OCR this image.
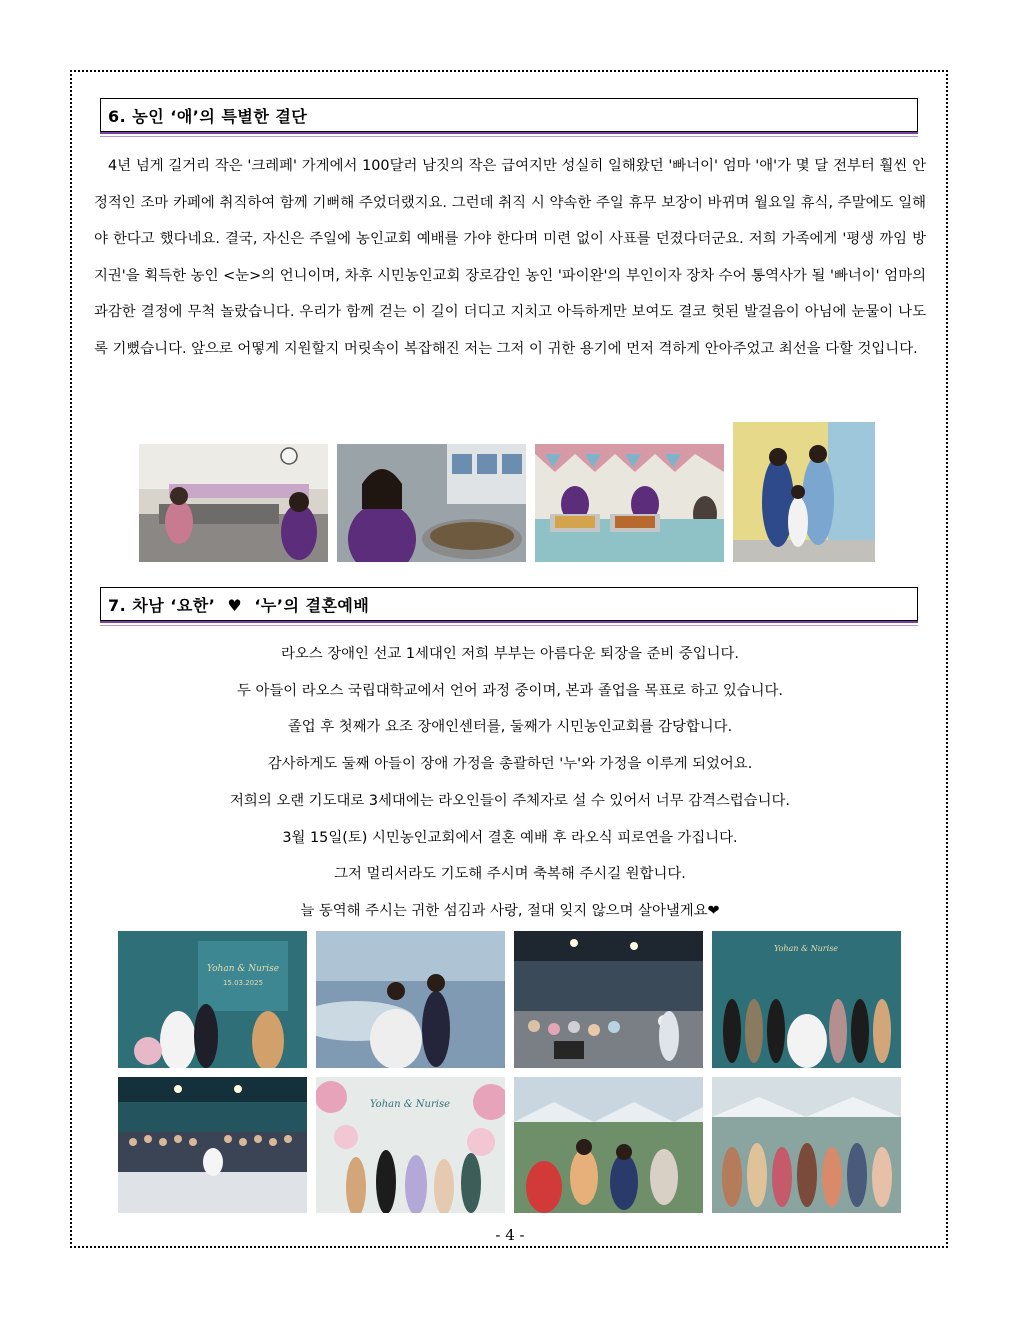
6. 농인 ‘애’의 특별한 결단

4년 넘게 길거리 작은 '크레페' 가게에서 100달러 남짓의 작은 급여지만 성실히 일해왔던 '빠너이' 엄마 '애'가 몇 달 전부터 훨씬 안정적인 조마 카페에 취직하여 함께 기뻐해 주었더랬지요. 그런데 취직 시 약속한 주일 휴무 보장이 바뀌며 월요일 휴식, 주말에도 일해야 한다고 했다네요. 결국, 자신은 주일에 농인교회 예배를 가야 한다며 미련 없이 사표를 던졌다더군요. 저희 가족에게 '평생 까임 방지권'을 획득한 농인 <눈>의 언니이며, 차후 시민농인교회 장로감인 농인 '파이완'의 부인이자 장차 수어 통역사가 될 '빠너이' 엄마의 과감한 결정에 무척 놀랐습니다. 우리가 함께 걷는 이 길이 더디고 지치고 아득하게만 보여도 결코 헛된 발걸음이 아님에 눈물이 나도록 기뻤습니다. 앞으로 어떻게 지원할지 머릿속이 복잡해진 저는 그저 이 귀한 용기에 먼저 격하게 안아주었고 최선을 다할 것입니다.

7. 차남 ‘요한’ ♥ ‘누’의 결혼예배
라오스 장애인 선교 1세대인 저희 부부는 아름다운 퇴장을 준비 중입니다.
두 아들이 라오스 국립대학교에서 언어 과정 중이며, 본과 졸업을 목표로 하고 있습니다.
졸업 후 첫째가 요조 장애인센터를, 둘째가 시민농인교회를 감당합니다.
감사하게도 둘째 아들이 장애 가정을 총괄하던 '누'와 가정을 이루게 되었어요.
저희의 오랜 기도대로 3세대에는 라오인들이 주체자로 설 수 있어서 너무 감격스럽습니다.
3월 15일(토) 시민농인교회에서 결혼 예배 후 라오식 피로연을 가집니다.
그저 멀리서라도 기도해 주시며 축복해 주시길 원합니다.
늘 동역해 주시는 귀한 섬김과 사랑, 절대 잊지 않으며 살아낼게요❤
Yohan & Nurise
15.03.2025
Yohan & Nurise
Yohan & Nurise
- 4 -
